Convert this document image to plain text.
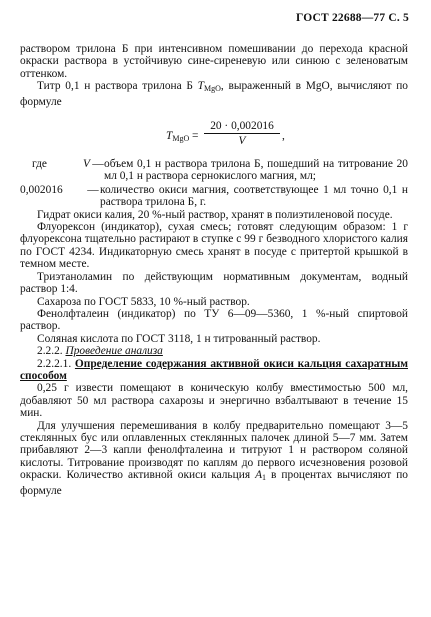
ГОСТ 22688—77 С. 5

раствором трилона Б при интенсивном помешивании до перехода красной окраски раствора в устойчивую сине-сиреневую или синюю с зеленоватым оттенком.

Титр 0,1 н раствора трилона Б $T_{MgO}$, выраженный в MgO, вычисляют по формуле

$T_{MgO}$ =
20 · 0,002016
V	,
где	V — объем 0,1 н раствора трилона Б, пошедший на титрование 20 мл 0,1 н раствора сернокислого магния, мл;
0,002016	— количество окиси магния, соответствующее 1 мл точно 0,1 н раствора трилона Б, г.

Гидрат окиси калия, 20 %-ный раствор, хранят в полиэтиленовой посуде.

Флуорексон (индикатор), сухая смесь; готовят следующим образом: 1 г флуорексона тщательно растирают в ступке с 99 г безводного хлористого калия по ГОСТ 4234. Индикаторную смесь хранят в посуде с притертой крышкой в темном месте.

Триэтаноламин по действующим нормативным документам, водный раствор 1:4.

Сахароза по ГОСТ 5833, 10 %-ный раствор.

Фенолфталеин (индикатор) по ТУ 6—09—5360, 1 %-ный спиртовой раствор.

Соляная кислота по ГОСТ 3118, 1 н титрованный раствор.

2.2.2. Проведение анализа

2.2.2.1. Определение содержания активной окиси кальция сахаратным способом

0,25 г извести помещают в коническую колбу вместимостью 500 мл, добавляют 50 мл раствора сахарозы и энергично взбалтывают в течение 15 мин.

Для улучшения перемешивания в колбу предварительно помещают 3—5 стеклянных бус или оплавленных стеклянных палочек длиной 5—7 мм. Затем прибавляют 2—3 капли фенолфталеина и титруют 1 н раствором соляной кислоты. Титрование производят по каплям до первого исчезновения розовой окраски. Количество активной окиси кальция $A_1$ в процентах вычисляют по формуле
